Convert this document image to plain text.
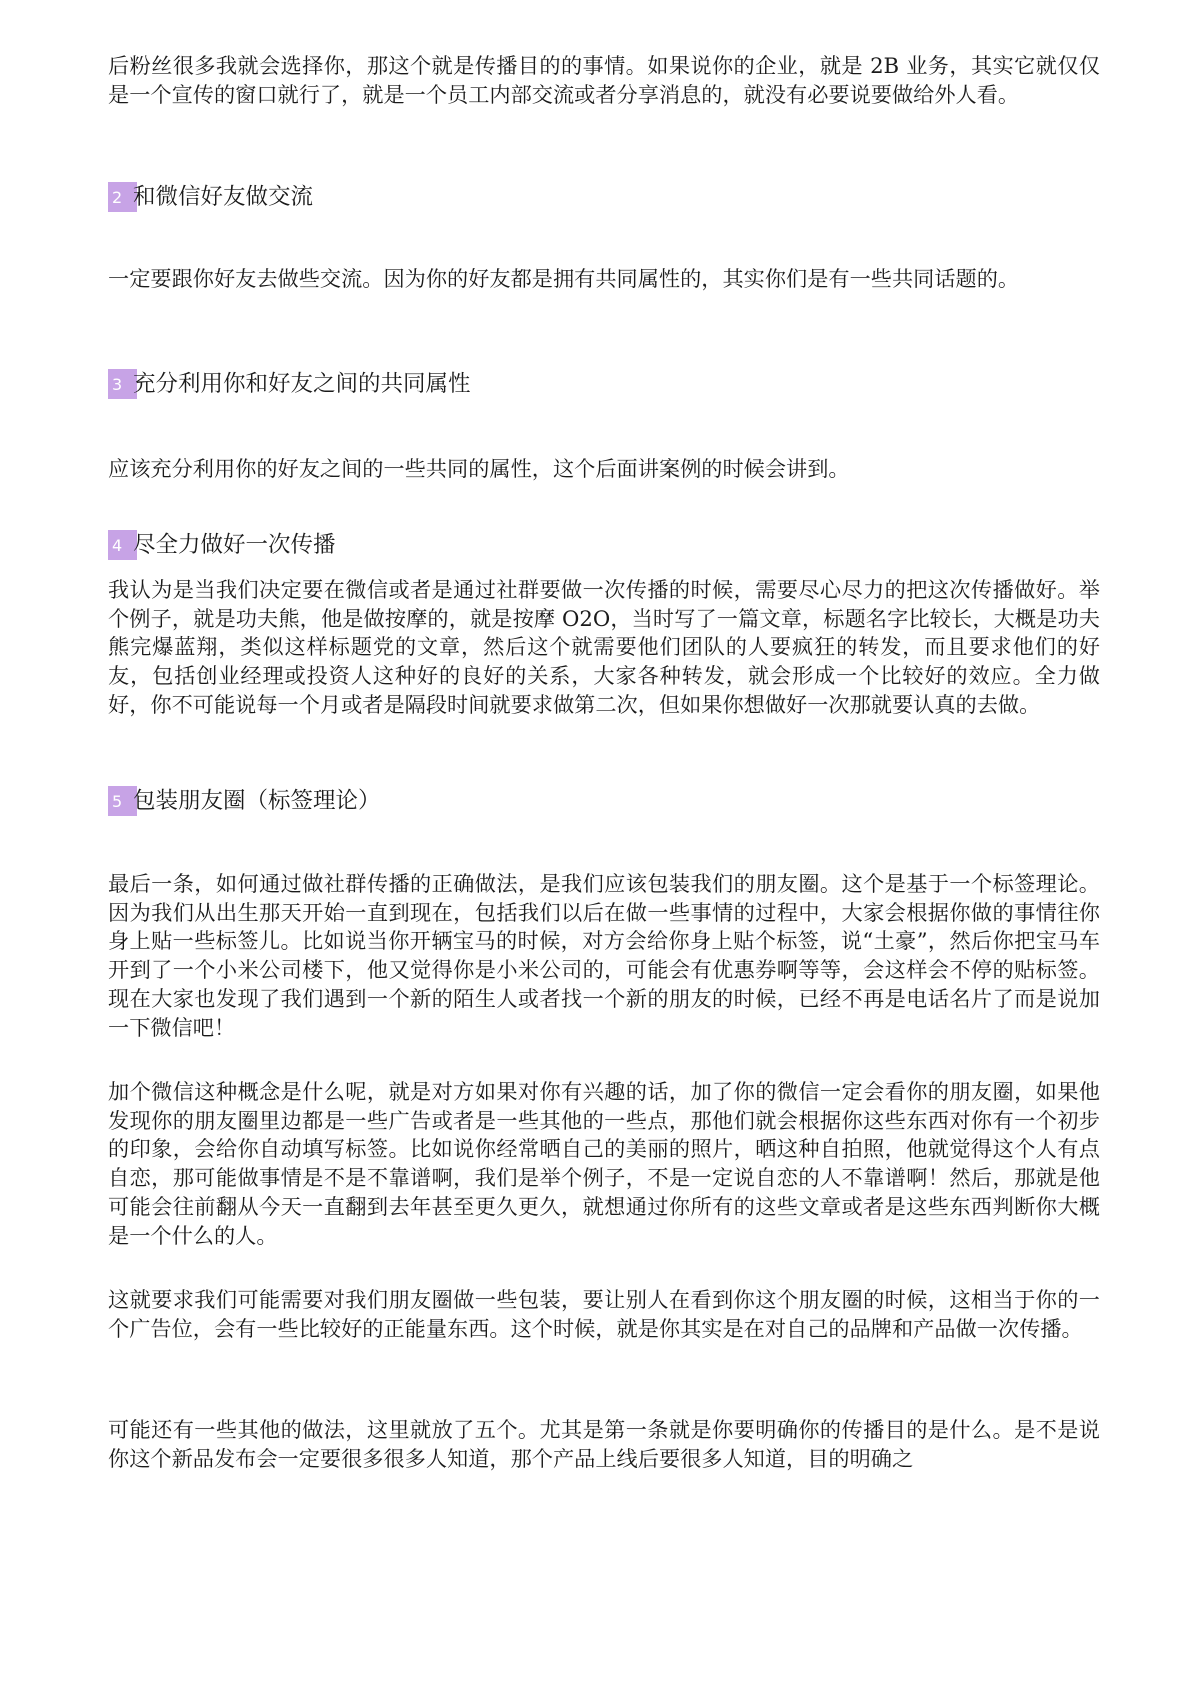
后粉丝很多我就会选择你，那这个就是传播目的的事情。如果说你的企业，就是 2B 业务，其实它就仅仅是一个宣传的窗口就行了，就是一个员工内部交流或者分享消息的，就没有必要说要做给外人看。

2 和微信好友做交流

一定要跟你好友去做些交流。因为你的好友都是拥有共同属性的，其实你们是有一些共同话题的。

3 充分利用你和好友之间的共同属性

应该充分利用你的好友之间的一些共同的属性，这个后面讲案例的时候会讲到。

4 尽全力做好一次传播

我认为是当我们决定要在微信或者是通过社群要做一次传播的时候，需要尽心尽力的把这次传播做好。举个例子，就是功夫熊，他是做按摩的，就是按摩 O2O，当时写了一篇文章，标题名字比较长，大概是功夫熊完爆蓝翔，类似这样标题党的文章，然后这个就需要他们团队的人要疯狂的转发，而且要求他们的好友，包括创业经理或投资人这种好的良好的关系，大家各种转发，就会形成一个比较好的效应。全力做好，你不可能说每一个月或者是隔段时间就要求做第二次，但如果你想做好一次那就要认真的去做。

5 包装朋友圈（标签理论）

最后一条，如何通过做社群传播的正确做法，是我们应该包装我们的朋友圈。这个是基于一个标签理论。因为我们从出生那天开始一直到现在，包括我们以后在做一些事情的过程中，大家会根据你做的事情往你身上贴一些标签儿。比如说当你开辆宝马的时候，对方会给你身上贴个标签，说“土豪”，然后你把宝马车开到了一个小米公司楼下，他又觉得你是小米公司的，可能会有优惠券啊等等，会这样会不停的贴标签。现在大家也发现了我们遇到一个新的陌生人或者找一个新的朋友的时候，已经不再是电话名片了而是说加一下微信吧！

加个微信这种概念是什么呢，就是对方如果对你有兴趣的话，加了你的微信一定会看你的朋友圈，如果他发现你的朋友圈里边都是一些广告或者是一些其他的一些点，那他们就会根据你这些东西对你有一个初步的印象，会给你自动填写标签。比如说你经常晒自己的美丽的照片，晒这种自拍照，他就觉得这个人有点自恋，那可能做事情是不是不靠谱啊，我们是举个例子，不是一定说自恋的人不靠谱啊！然后，那就是他可能会往前翻从今天一直翻到去年甚至更久更久，就想通过你所有的这些文章或者是这些东西判断你大概是一个什么的人。

这就要求我们可能需要对我们朋友圈做一些包装，要让别人在看到你这个朋友圈的时候，这相当于你的一个广告位，会有一些比较好的正能量东西。这个时候，就是你其实是在对自己的品牌和产品做一次传播。

可能还有一些其他的做法，这里就放了五个。尤其是第一条就是你要明确你的传播目的是什么。是不是说你这个新品发布会一定要很多很多人知道，那个产品上线后要很多人知道，目的明确之
